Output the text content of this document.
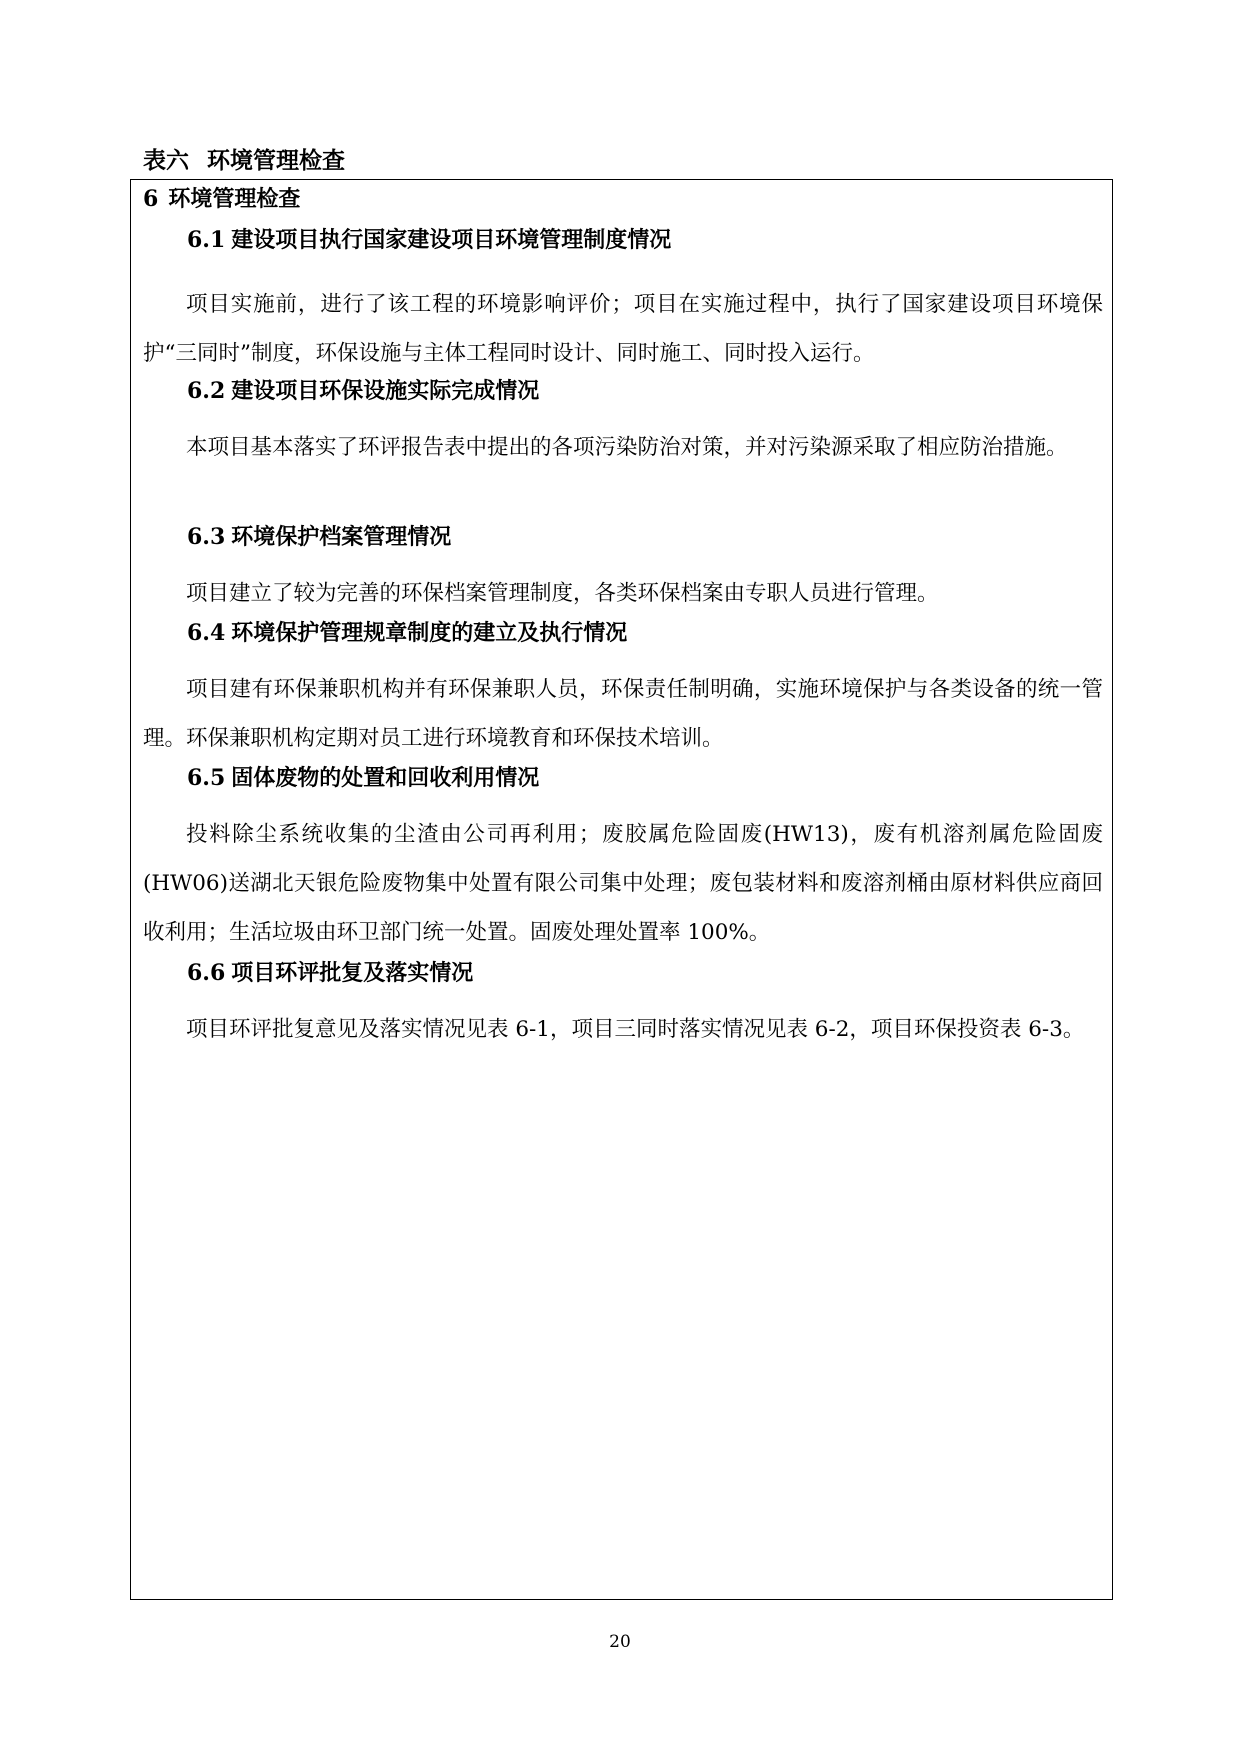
表六 环境管理检查
6 环境管理检查
6.1 建设项目执行国家建设项目环境管理制度情况

项目实施前，进行了该工程的环境影响评价；项目在实施过程中，执行了国家建设项目环境保护“三同时”制度，环保设施与主体工程同时设计、同时施工、同时投入运行。

6.2 建设项目环保设施实际完成情况

本项目基本落实了环评报告表中提出的各项污染防治对策，并对污染源采取了相应防治措施。

6.3 环境保护档案管理情况

项目建立了较为完善的环保档案管理制度，各类环保档案由专职人员进行管理。

6.4 环境保护管理规章制度的建立及执行情况

项目建有环保兼职机构并有环保兼职人员，环保责任制明确，实施环境保护与各类设备的统一管理。环保兼职机构定期对员工进行环境教育和环保技术培训。

6.5 固体废物的处置和回收利用情况

投料除尘系统收集的尘渣由公司再利用；废胶属危险固废(HW13)，废有机溶剂属危险固废(HW06)送湖北天银危险废物集中处置有限公司集中处理；废包装材料和废溶剂桶由原材料供应商回收利用；生活垃圾由环卫部门统一处置。固废处理处置率 100%。

6.6 项目环评批复及落实情况

项目环评批复意见及落实情况见表 6-1，项目三同时落实情况见表 6-2，项目环保投资表 6-3。

20
